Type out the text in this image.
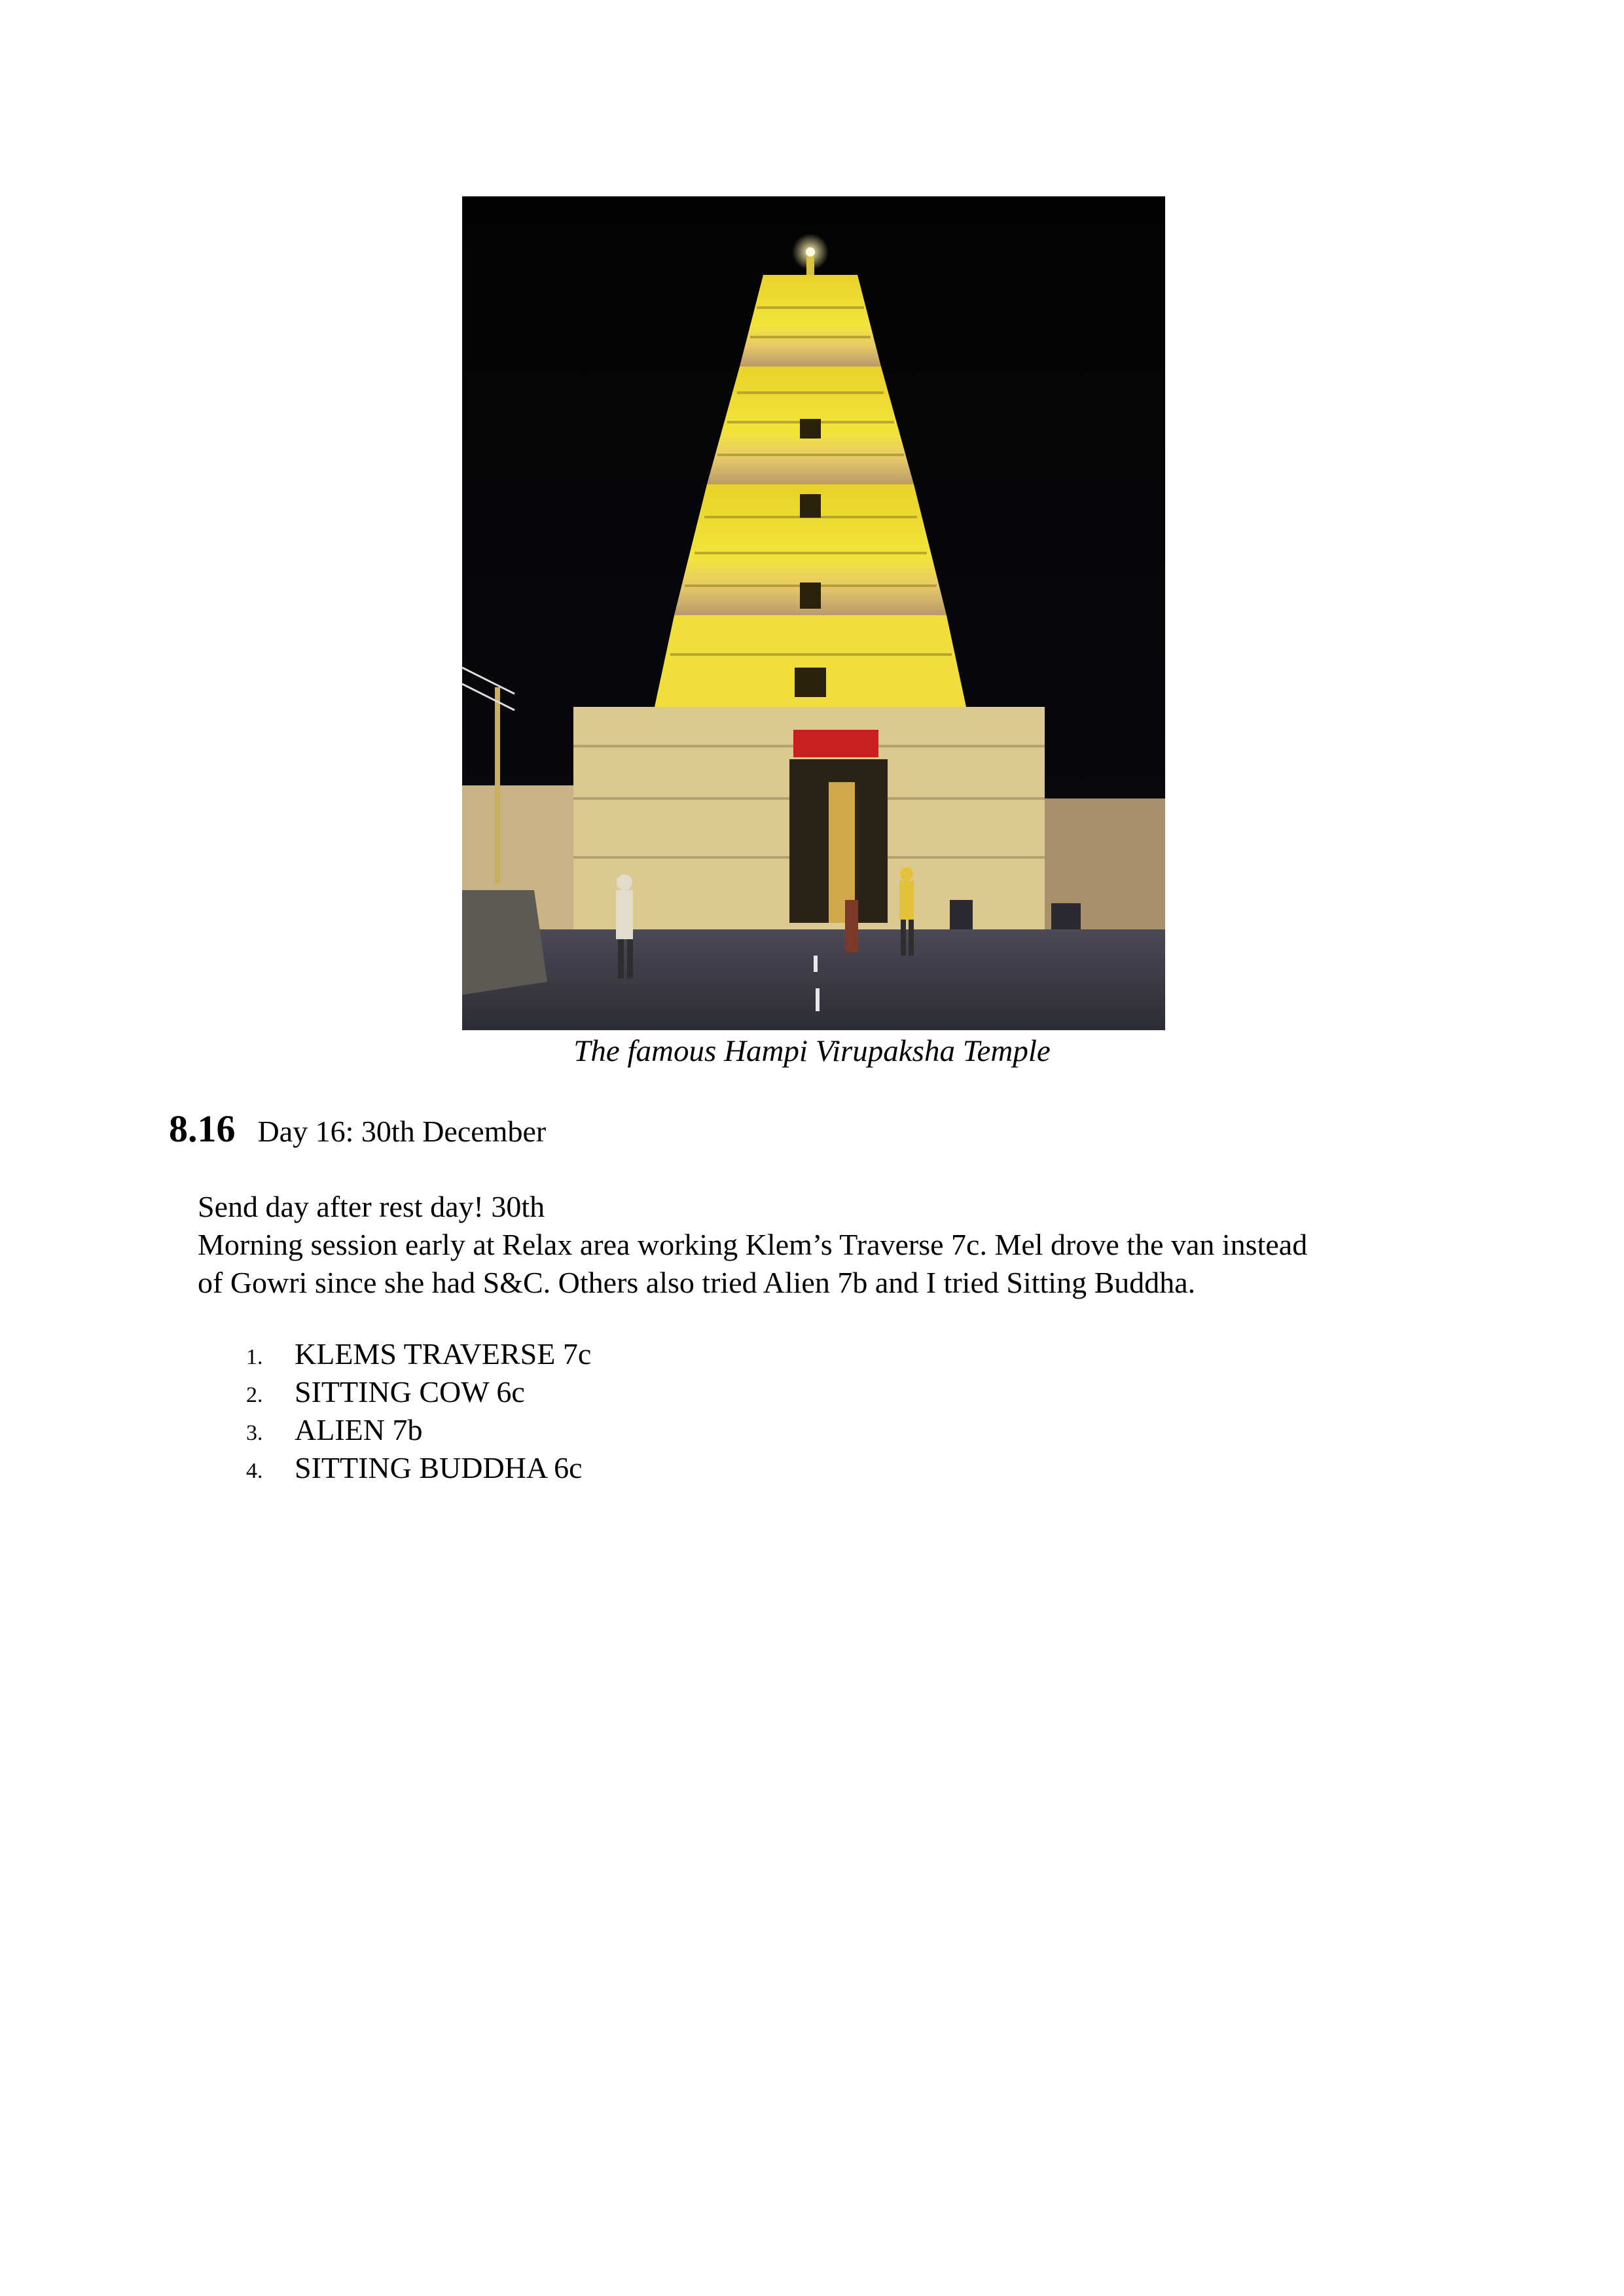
The famous Hampi Virupaksha Temple
8.16 Day 16: 30th December
Send day after rest day! 30th
Morning session early at Relax area working Klem’s Traverse 7c. Mel drove the van instead
of Gowri since she had S&C. Others also tried Alien 7b and I tried Sitting Buddha.
1. KLEMS TRAVERSE 7c
2. SITTING COW 6c
3. ALIEN 7b
4. SITTING BUDDHA 6c
